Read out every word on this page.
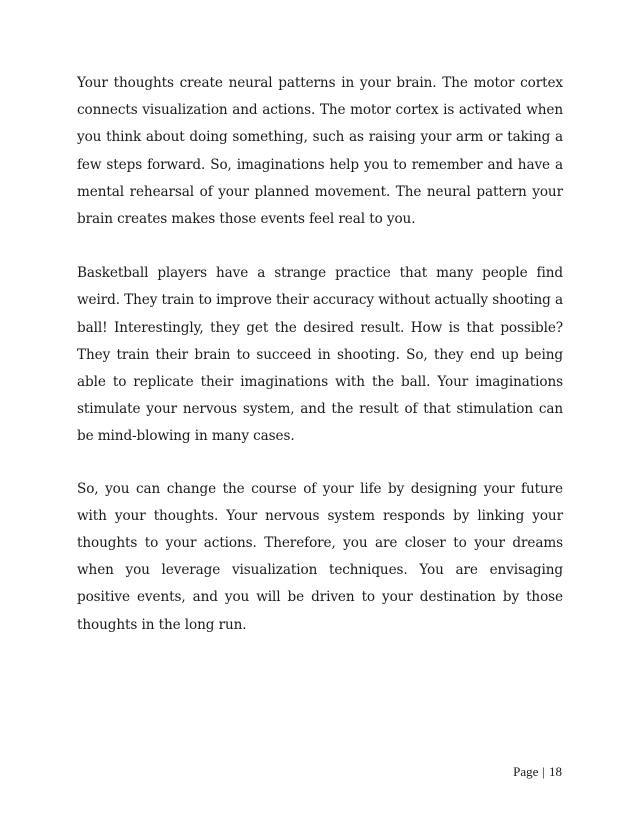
Your thoughts create neural patterns in your brain. The motor cortex connects visualization and actions. The motor cortex is activated when you think about doing something, such as raising your arm or taking a few steps forward. So, imaginations help you to remember and have a mental rehearsal of your planned movement. The neural pattern your brain creates makes those events feel real to you.

Basketball players have a strange practice that many people find weird. They train to improve their accuracy without actually shooting a ball! Interestingly, they get the desired result. How is that possible? They train their brain to succeed in shooting. So, they end up being able to replicate their imaginations with the ball. Your imaginations stimulate your nervous system, and the result of that stimulation can be mind-blowing in many cases.

So, you can change the course of your life by designing your future with your thoughts. Your nervous system responds by linking your thoughts to your actions. Therefore, you are closer to your dreams when you leverage visualization techniques. You are envisaging positive events, and you will be driven to your destination by those thoughts in the long run.

Page | 18
